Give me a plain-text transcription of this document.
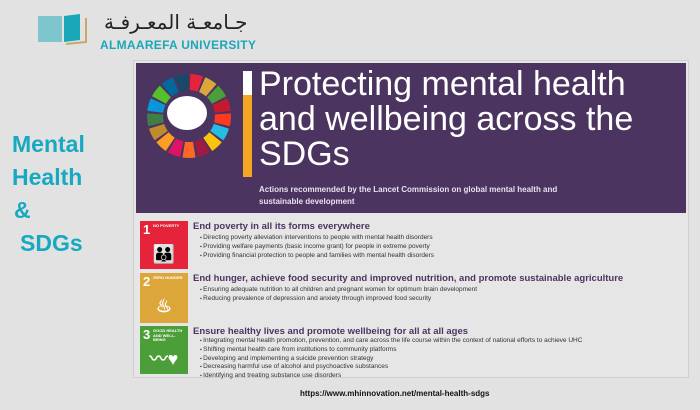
جـامعـة المعـرفـة
ALMAAREFA UNIVERSITY
Mental
Health
&
SDGs
Protecting mental health and wellbeing across the SDGs
Actions recommended by the Lancet Commission on global mental health and sustainable development
1 NO POVERTY
👪
End poverty in all its forms everywhere
▪ Directing poverty alleviation interventions to people with mental health disorders
▪ Providing welfare payments (basic income grant) for people in extreme poverty
▪ Providing financial protection to people and families with mental health disorders
2 ZERO HUNGER
♨
End hunger, achieve food security and improved nutrition, and promote sustainable agriculture
▪ Ensuring adequate nutrition to all children and pregnant women for optimum brain development
▪ Reducing prevalence of depression and anxiety through improved food security
3 GOOD HEALTH AND WELL-BEING
〰♥
Ensure healthy lives and promote wellbeing for all at all ages
▪ Integrating mental health promotion, prevention, and care across the life course within the context of national efforts to achieve UHC
▪ Shifting mental health care from institutions to community platforms
▪ Developing and implementing a suicide prevention strategy
▪ Decreasing harmful use of alcohol and psychoactive substances
▪ Identifying and treating substance use disorders
https://www.mhinnovation.net/mental-health-sdgs
